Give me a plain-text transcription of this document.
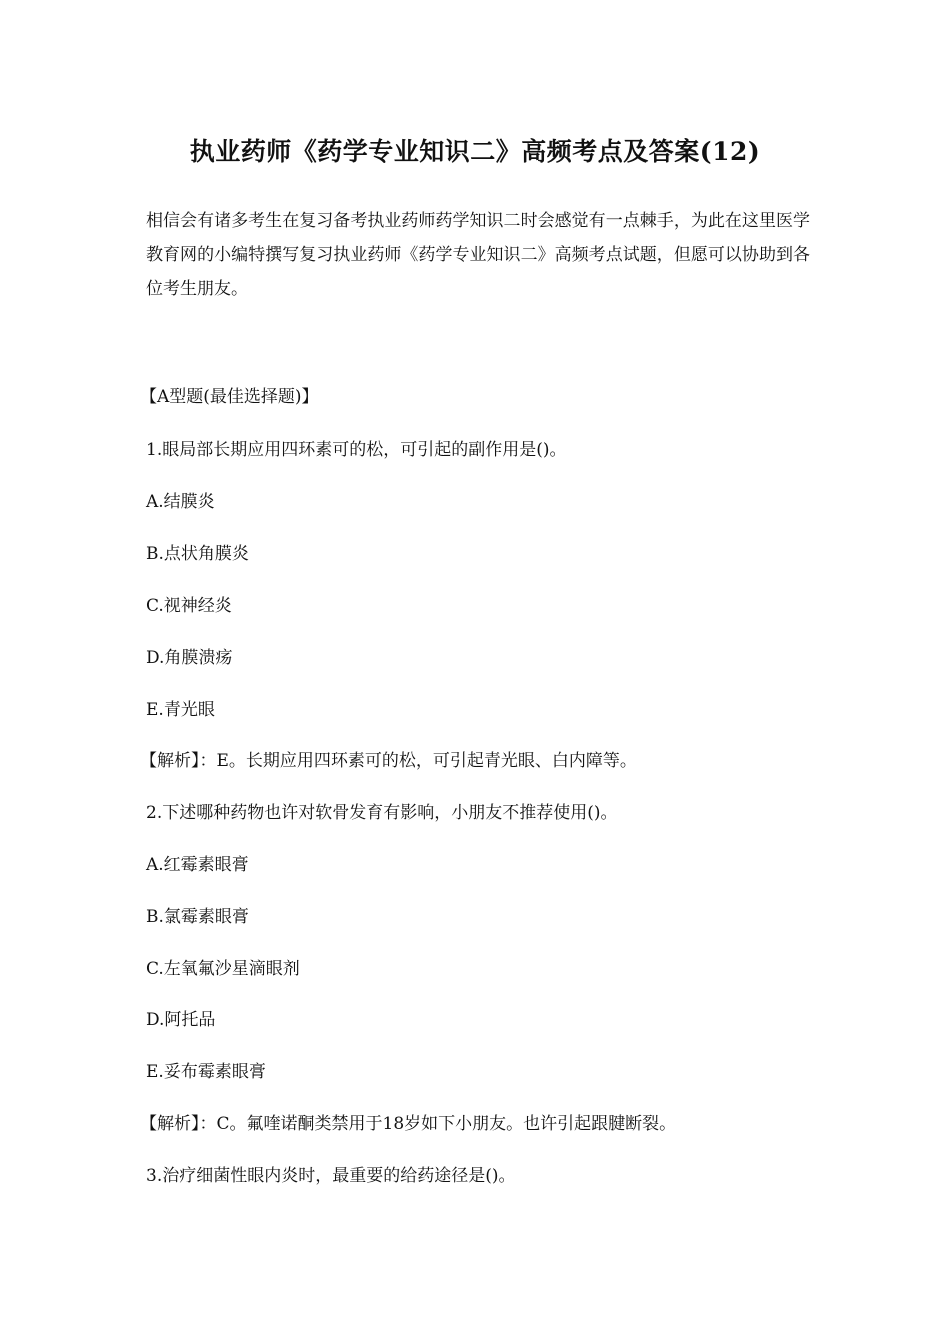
执业药师《药学专业知识二》高频考点及答案(12)

相信会有诸多考生在复习备考执业药师药学知识二时会感觉有一点棘手，为此在这里医学教育网的小编特撰写复习执业药师《药学专业知识二》高频考点试题，但愿可以协助到各位考生朋友。

【A型题(最佳选择题)】

1.眼局部长期应用四环素可的松，可引起的副作用是()。

A.结膜炎

B.点状角膜炎

C.视神经炎

D.角膜溃疡

E.青光眼

【解析】：E。长期应用四环素可的松，可引起青光眼、白内障等。

2.下述哪种药物也许对软骨发育有影响，小朋友不推荐使用()。

A.红霉素眼膏

B.氯霉素眼膏

C.左氧氟沙星滴眼剂

D.阿托品

E.妥布霉素眼膏

【解析】：C。氟喹诺酮类禁用于18岁如下小朋友。也许引起跟腱断裂。

3.治疗细菌性眼内炎时，最重要的给药途径是()。
